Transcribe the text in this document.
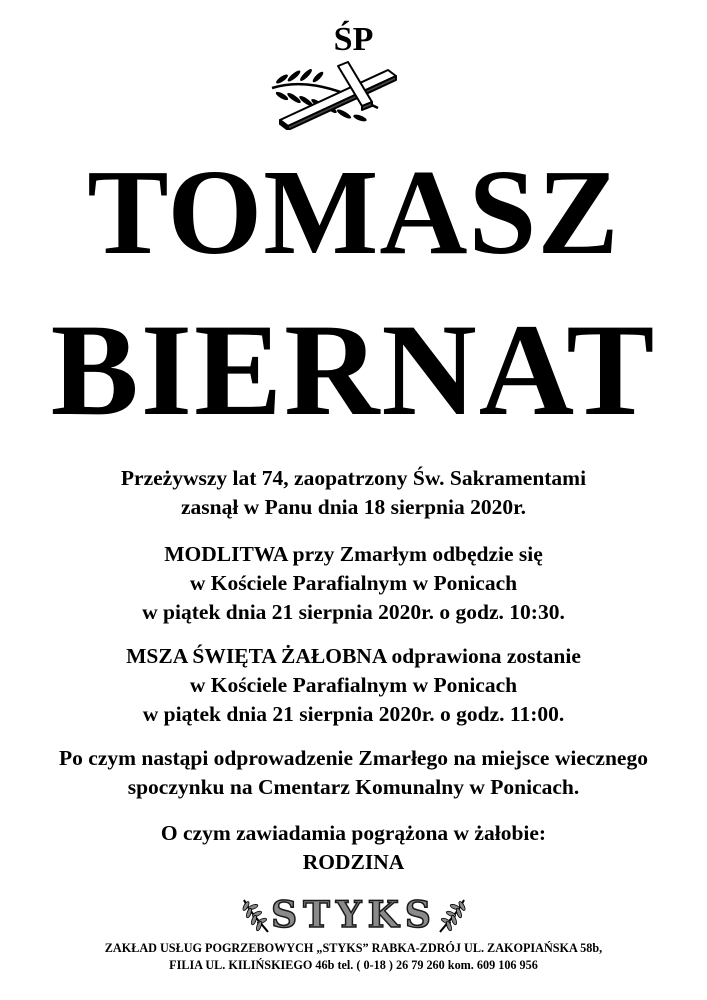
ŚP
TOMASZ
BIERNAT
Przeżywszy lat 74, zaopatrzony Św. Sakramentami
zasnął w Panu dnia 18 sierpnia 2020r.
MODLITWA przy Zmarłym odbędzie się
w Kościele Parafialnym w Ponicach
w piątek dnia 21 sierpnia 2020r. o godz. 10:30.
MSZA ŚWIĘTA ŻAŁOBNA odprawiona zostanie
w Kościele Parafialnym w Ponicach
w piątek dnia 21 sierpnia 2020r. o godz. 11:00.
Po czym nastąpi odprowadzenie Zmarłego na miejsce wiecznego
spoczynku na Cmentarz Komunalny w Ponicach.
O czym zawiadamia pogrążona w żałobie:
RODZINA
STYKS
ZAKŁAD USŁUG POGRZEBOWYCH „STYKS” RABKA-ZDRÓJ UL. ZAKOPIAŃSKA 58b,
FILIA UL. KILIŃSKIEGO 46b tel. ( 0-18 ) 26 79 260 kom. 609 106 956
